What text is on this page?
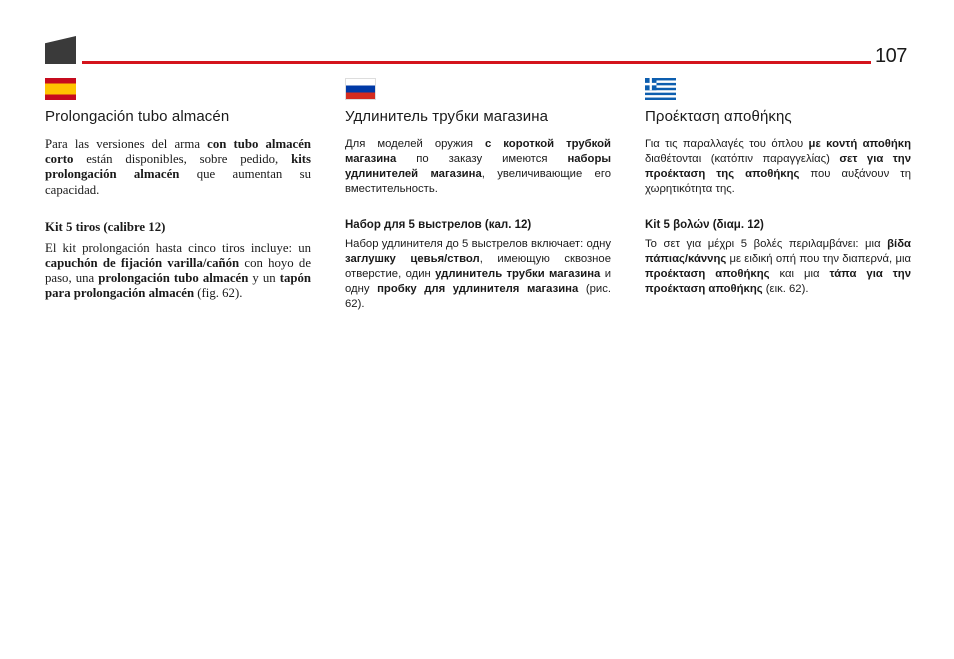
107
Prolongación tubo almacén

Para las versiones del arma con tubo almacén corto están disponibles, sobre pedido, kits prolongación almacén que aumentan su capacidad.

Kit 5 tiros (calibre 12)

El kit prolongación hasta cinco tiros incluye: un capuchón de fijación varilla/cañón con hoyo de paso, una prolongación tubo almacén y un tapón para prolongación almacén (fig. 62).

Удлинитель трубки магазина

Для моделей оружия с короткой трубкой магазина по заказу имеются наборы удлинителей магазина, увеличивающие его вместительность.

Набор для 5 выстрелов (кал. 12)

Набор удлинителя до 5 выстрелов включает: одну заглушку цевья/ствол, имеющую сквозное отверстие, один удлинитель трубки магазина и одну пробку для удлинителя магазина (рис. 62).

Προέκταση αποθήκης

Για τις παραλλαγές του όπλου με κοντή αποθήκη διαθέτονται (κατόπιν παραγγελίας) σετ για την προέκταση της αποθήκης που αυξάνουν τη χωρητικότητα της.

Kit 5 βολών (διαμ. 12)

Το σετ για μέχρι 5 βολές περιλαμβάνει: μια βίδα πάπιας/κάννης με ειδική οπή που την διαπερνά, μια προέκταση αποθήκης και μια τάπα για την προέκταση αποθήκης (εικ. 62).
